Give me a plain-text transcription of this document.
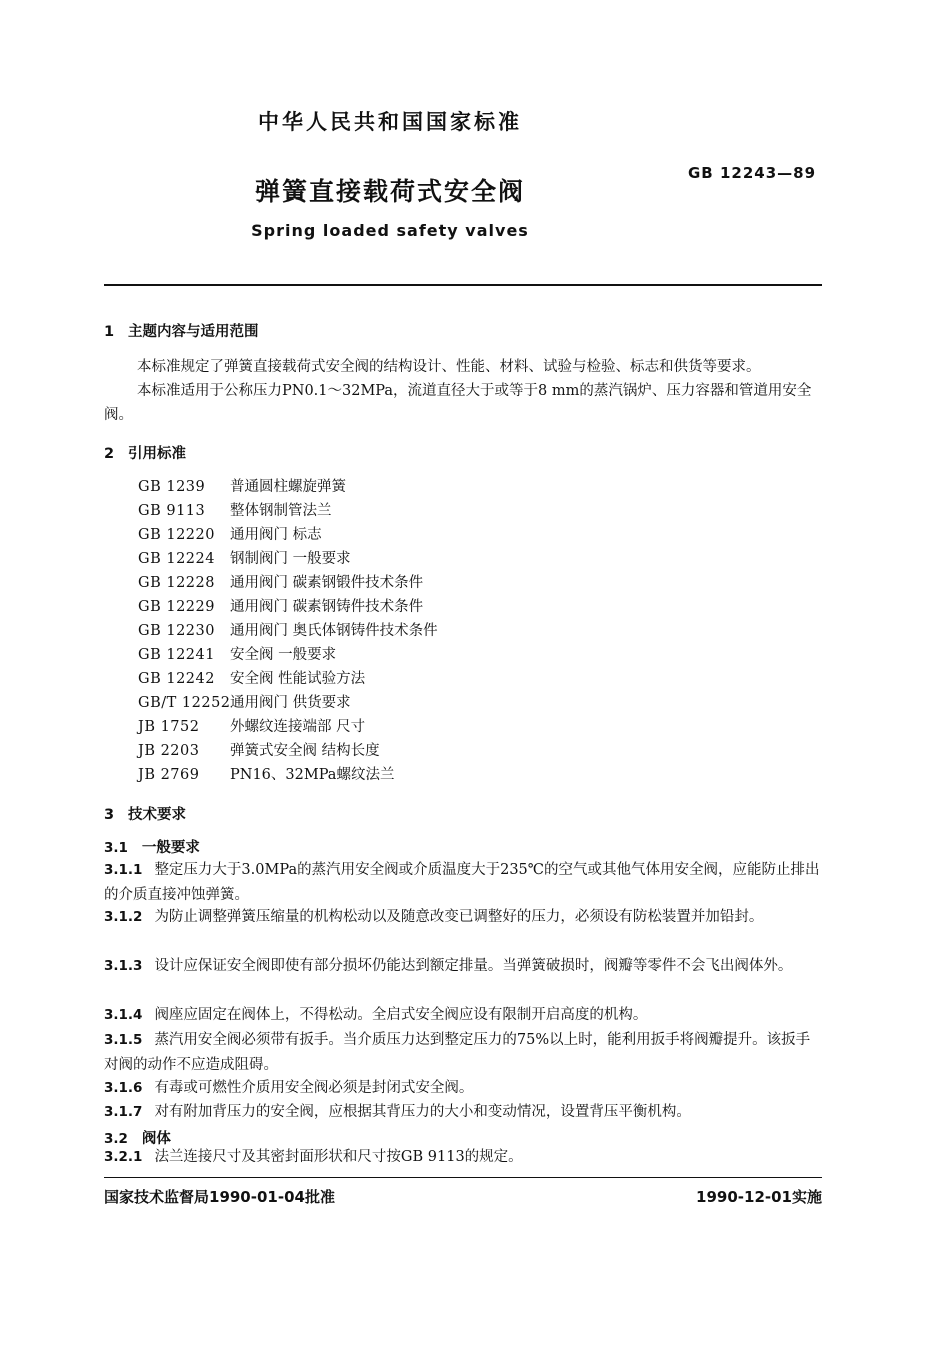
中华人民共和国国家标准
弹簧直接载荷式安全阀
GB 12243—89
Spring loaded safety valves
1 主题内容与适用范围

本标准规定了弹簧直接载荷式安全阀的结构设计、性能、材料、试验与检验、标志和供货等要求。

本标准适用于公称压力PN0.1～32MPa，流道直径大于或等于8 mm的蒸汽锅炉、压力容器和管道用安全阀。

2 引用标准
GB 1239 普通圆柱螺旋弹簧
GB 9113 整体钢制管法兰
GB 12220 通用阀门 标志
GB 12224 钢制阀门 一般要求
GB 12228 通用阀门 碳素钢锻件技术条件
GB 12229 通用阀门 碳素钢铸件技术条件
GB 12230 通用阀门 奥氏体钢铸件技术条件
GB 12241 安全阀 一般要求
GB 12242 安全阀 性能试验方法
GB/T 12252通用阀门 供货要求
JB 1752 外螺纹连接端部 尺寸
JB 2203 弹簧式安全阀 结构长度
JB 2769 PN16、32MPa螺纹法兰
3 技术要求
3.1 一般要求

3.1.1 整定压力大于3.0MPa的蒸汽用安全阀或介质温度大于235℃的空气或其他气体用安全阀，应能防止排出的介质直接冲蚀弹簧。

3.1.2 为防止调整弹簧压缩量的机构松动以及随意改变已调整好的压力，必须设有防松装置并加铅封。

3.1.3 设计应保证安全阀即使有部分损坏仍能达到额定排量。当弹簧破损时，阀瓣等零件不会飞出阀体外。

3.1.4 阀座应固定在阀体上，不得松动。全启式安全阀应设有限制开启高度的机构。

3.1.5 蒸汽用安全阀必须带有扳手。当介质压力达到整定压力的75%以上时，能利用扳手将阀瓣提升。该扳手对阀的动作不应造成阻碍。

3.1.6 有毒或可燃性介质用安全阀必须是封闭式安全阀。

3.1.7 对有附加背压力的安全阀，应根据其背压力的大小和变动情况，设置背压平衡机构。

3.2 阀体

3.2.1 法兰连接尺寸及其密封面形状和尺寸按GB 9113的规定。

国家技术监督局1990-01-04批准	1990-12-01实施
